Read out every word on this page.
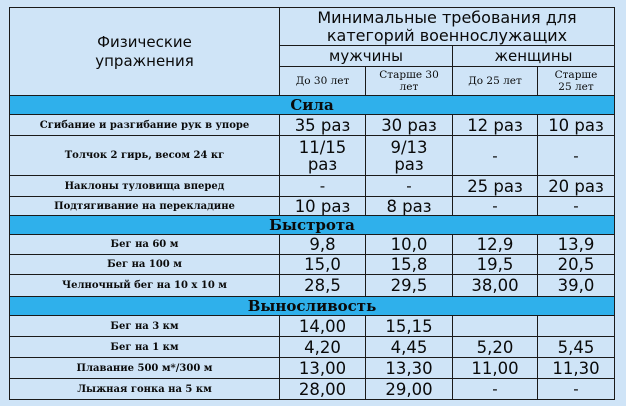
Физические упражнения	Минимальные требования для категорий военнослужащих			
	мужчины		женщины	
	До 30 лет	Старше 30 лет	До 25 лет	Старше 25 лет
Сила				
Сгибание и разгибание рук в упоре	35 раз	30 раз	12 раз	10 раз
Толчок 2 гирь, весом 24 кг	11/15 раз	9/13 раз	-	-
Наклоны туловища вперед	-	-	25 раз	20 раз
Подтягивание на перекладине	10 раз	8 раз	-	-
Быстрота				
Бег на 60 м	9,8	10,0	12,9	13,9
Бег на 100 м	15,0	15,8	19,5	20,5
Челночный бег на 10 х 10 м	28,5	29,5	38,00	39,0
Выносливость				
Бег на 3 км	14,00	15,15		
Бег на 1 км	4,20	4,45	5,20	5,45
Плавание 500 м*/300 м	13,00	13,30	11,00	11,30
Лыжная гонка на 5 км	28,00	29,00	-	-
